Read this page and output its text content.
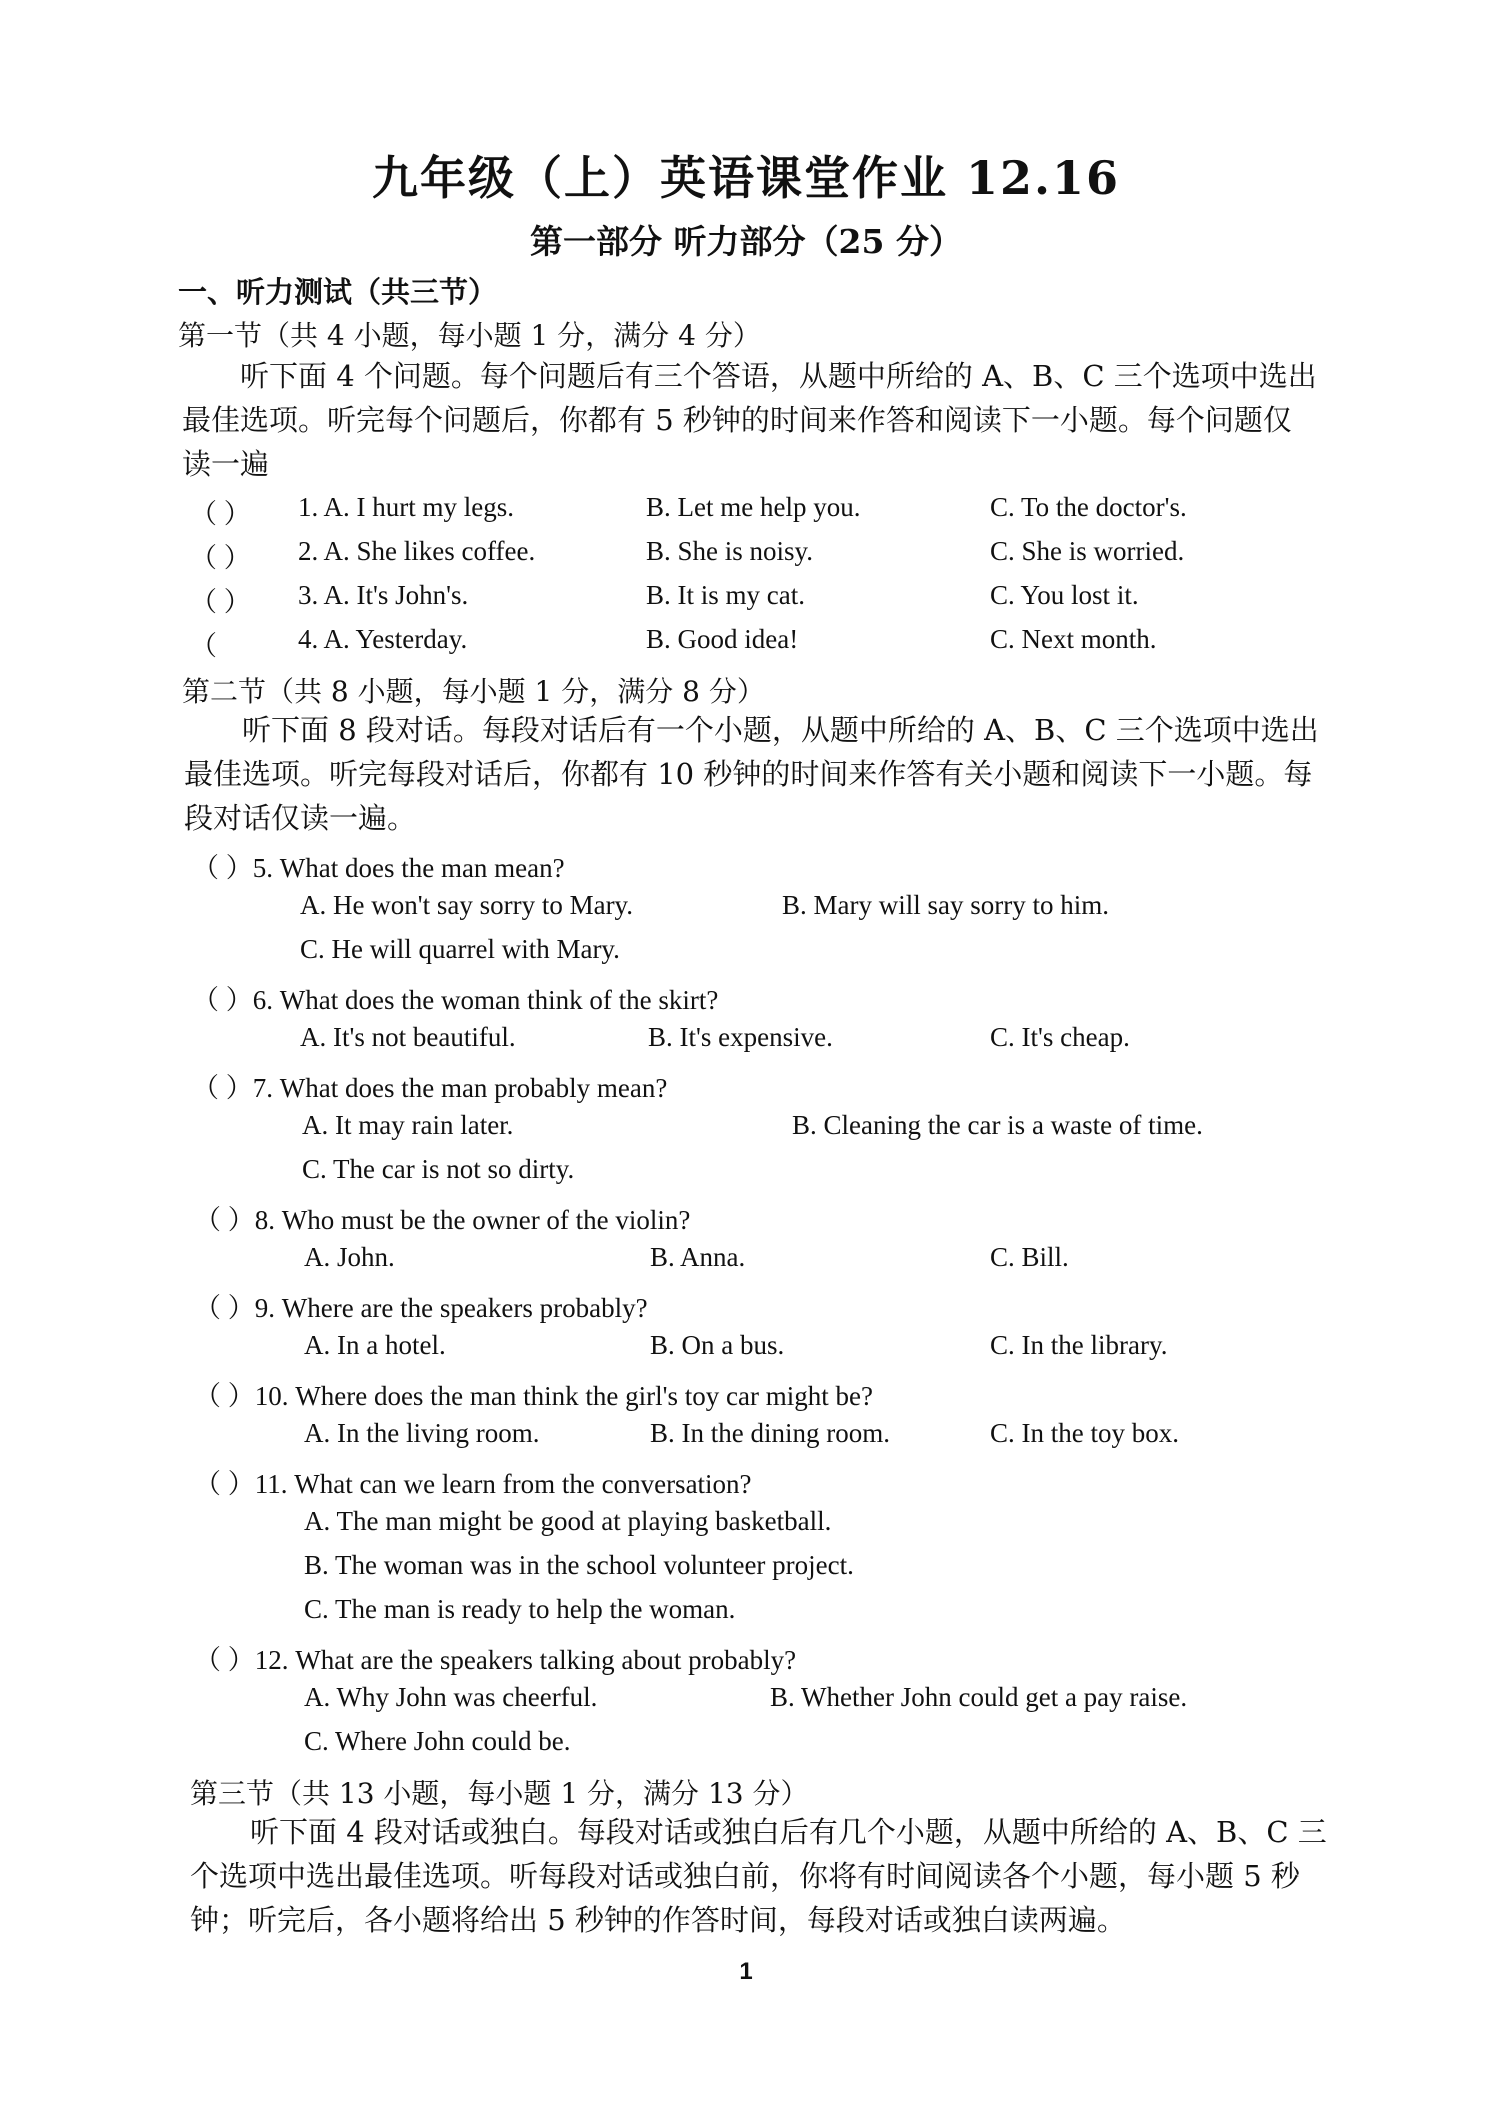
九年级（上）英语课堂作业 12.16
第一部分 听力部分（25 分）
一、听力测试（共三节）
第一节（共 4 小题，每小题 1 分，满分 4 分）
听下面 4 个问题。每个问题后有三个答语，从题中所给的 A、B、C 三个选项中选出
最佳选项。听完每个问题后，你都有 5 秒钟的时间来作答和阅读下一小题。每个问题仅
读一遍
（ ） 1. A. I hurt my legs.	B. Let me help you.	C. To the doctor's.
（ ） 2. A. She likes coffee.	B. She is noisy.	C. She is worried.
（ ） 3. A. It's John's.	B. It is my cat.	C. You lost it.
（	4. A. Yesterday.	B. Good idea!	C. Next month.
第二节（共 8 小题，每小题 1 分，满分 8 分）
听下面 8 段对话。每段对话后有一个小题，从题中所给的 A、B、C 三个选项中选出
最佳选项。听完每段对话后，你都有 10 秒钟的时间来作答有关小题和阅读下一小题。每
段对话仅读一遍。
（ ）5. What does the man mean?
A. He won't say sorry to Mary.	B. Mary will say sorry to him.
C. He will quarrel with Mary.
（ ）6. What does the woman think of the skirt?
A. It's not beautiful.	B. It's expensive.	C. It's cheap.
（ ）7. What does the man probably mean?
A. It may rain later.	B. Cleaning the car is a waste of time.
C. The car is not so dirty.
（ ）8. Who must be the owner of the violin?
A. John.	B. Anna.	C. Bill.
（ ）9. Where are the speakers probably?
A. In a hotel.	B. On a bus.	C. In the library.
（ ）10. Where does the man think the girl's toy car might be?
A. In the living room.	B. In the dining room.	C. In the toy box.
（ ）11. What can we learn from the conversation?
A. The man might be good at playing basketball.
B. The woman was in the school volunteer project.
C. The man is ready to help the woman.
（ ）12. What are the speakers talking about probably?
A. Why John was cheerful.	B. Whether John could get a pay raise.
C. Where John could be.
第三节（共 13 小题，每小题 1 分，满分 13 分）
听下面 4 段对话或独白。每段对话或独白后有几个小题，从题中所给的 A、B、C 三
个选项中选出最佳选项。听每段对话或独白前，你将有时间阅读各个小题，每小题 5 秒
钟；听完后，各小题将给出 5 秒钟的作答时间，每段对话或独白读两遍。
1
